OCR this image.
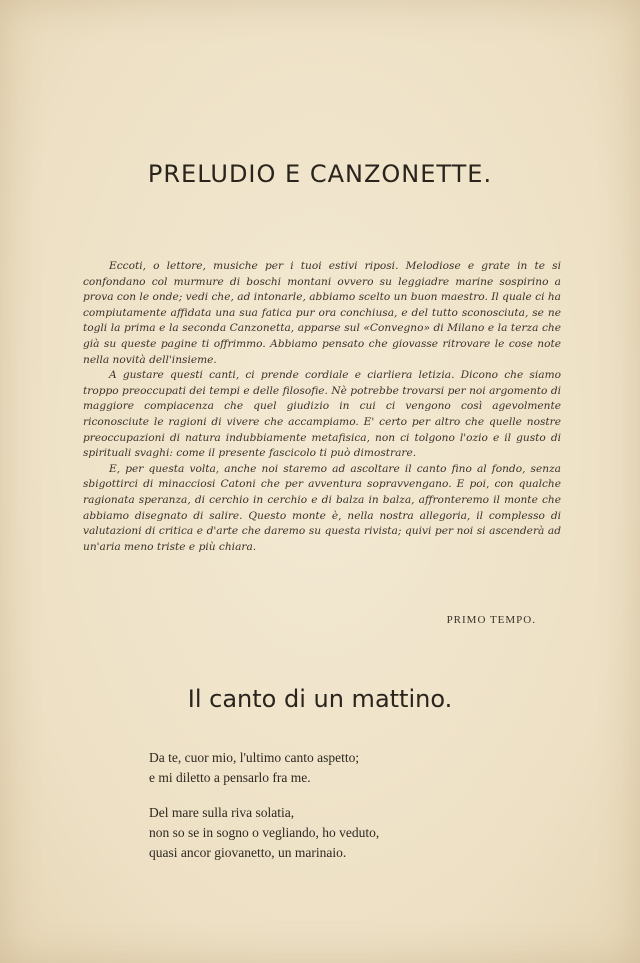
PRELUDIO E CANZONETTE.

Eccoti, o lettore, musiche per i tuoi estivi riposi. Melodiose e grate in te si confondano col murmure di boschi montani ovvero su leggiadre marine sospirino a prova con le onde; vedi che, ad intonarle, abbiamo scelto un buon maestro. Il quale ci ha compiutamente affidata una sua fatica pur ora conchiusa, e del tutto sconosciuta, se ne togli la prima e la seconda Canzonetta, apparse sul «Convegno» di Milano e la terza che già su queste pagine ti offrimmo. Abbiamo pensato che giovasse ritrovare le cose note nella novità dell'insieme.

A gustare questi canti, ci prende cordiale e ciarliera letizia. Dicono che siamo troppo preoccupati dei tempi e delle filosofie. Nè potrebbe trovarsi per noi argomento di maggiore compiacenza che quel giudizio in cui ci vengono così agevolmente riconosciute le ragioni di vivere che accampiamo. E' certo per altro che quelle nostre preoccupazioni di natura indubbiamente metafisica, non ci tolgono l'ozio e il gusto di spirituali svaghi: come il presente fascicolo ti può dimostrare.

E, per questa volta, anche noi staremo ad ascoltare il canto fino al fondo, senza sbigottirci di minacciosi Catoni che per avventura sopravvengano. E poi, con qualche ragionata speranza, di cerchio in cerchio e di balza in balza, affronteremo il monte che abbiamo disegnato di salire. Questo monte è, nella nostra allegoria, il complesso di valutazioni di critica e d'arte che daremo su questa rivista; quivi per noi si ascenderà ad un'aria meno triste e più chiara.

PRIMO TEMPO.
Il canto di un mattino.
Da te, cuor mio, l'ultimo canto aspetto;
e mi diletto a pensarlo fra me.
Del mare sulla riva solatia,
non so se in sogno o vegliando, ho veduto,
quasi ancor giovanetto, un marinaio.
